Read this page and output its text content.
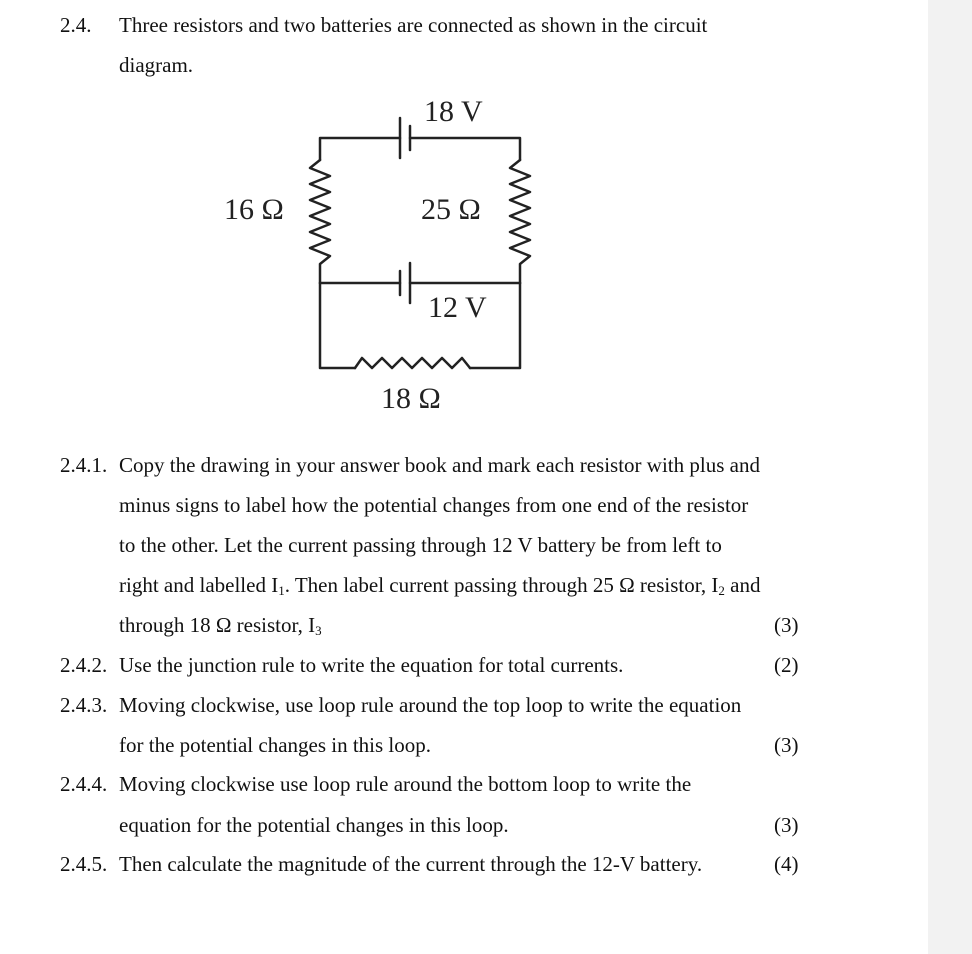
2.4. Three resistors and two batteries are connected as shown in the circuit
diagram.
18 V
12 V
16 Ω	25 Ω
18 Ω
2.4.1. Copy the drawing in your answer book and mark each resistor with plus and
minus signs to label how the potential changes from one end of the resistor
to the other. Let the current passing through 12 V battery be from left to
right and labelled $I_1$. Then label current passing through 25 Ω resistor, $I_2$ and
through 18 Ω resistor, $I_3$	(3)
2.4.2. Use the junction rule to write the equation for total currents.	(2)
2.4.3. Moving clockwise, use loop rule around the top loop to write the equation
for the potential changes in this loop.	(3)
2.4.4. Moving clockwise use loop rule around the bottom loop to write the
equation for the potential changes in this loop.	(3)
2.4.5. Then calculate the magnitude of the current through the 12-V battery.	(4)
